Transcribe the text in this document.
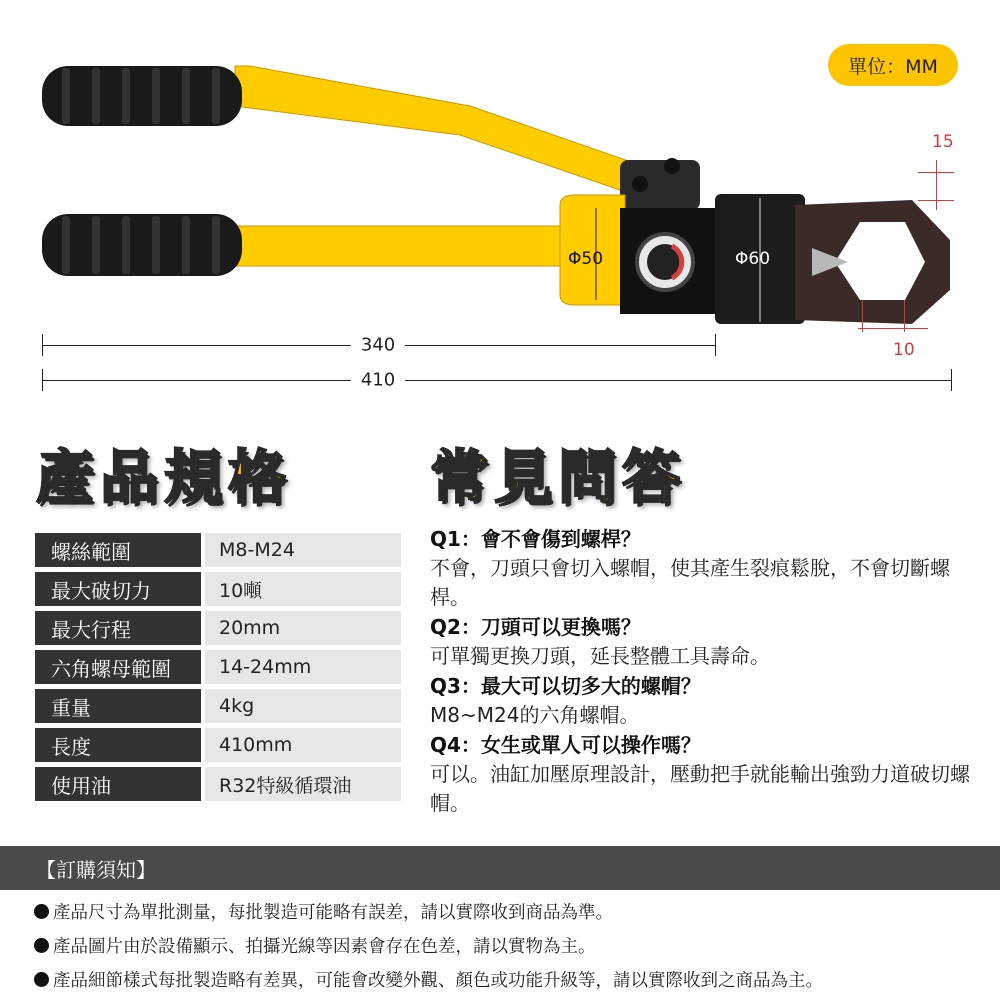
Φ50	Φ60
單位：MM
15
10
340
410
產品規格 常見問答
螺絲範圍	M8-M24
最大破切力	10噸
最大行程	20mm
六角螺母範圍	14-24mm
重量	4kg
長度	410mm
使用油	R32特級循環油
Q1：會不會傷到螺桿？
不會，刀頭只會切入螺帽，使其產生裂痕鬆脫，不會切斷螺桿。
Q2：刀頭可以更換嗎？
可單獨更換刀頭，延長整體工具壽命。
Q3：最大可以切多大的螺帽？
M8~M24的六角螺帽。
Q4：女生或單人可以操作嗎？
可以。油缸加壓原理設計，壓動把手就能輸出強勁力道破切螺帽。
【訂購須知】
產品尺寸為單批測量，每批製造可能略有誤差，請以實際收到商品為準。
產品圖片由於設備顯示、拍攝光線等因素會存在色差，請以實物為主。
產品細節樣式每批製造略有差異，可能會改變外觀、顏色或功能升級等，請以實際收到之商品為主。
